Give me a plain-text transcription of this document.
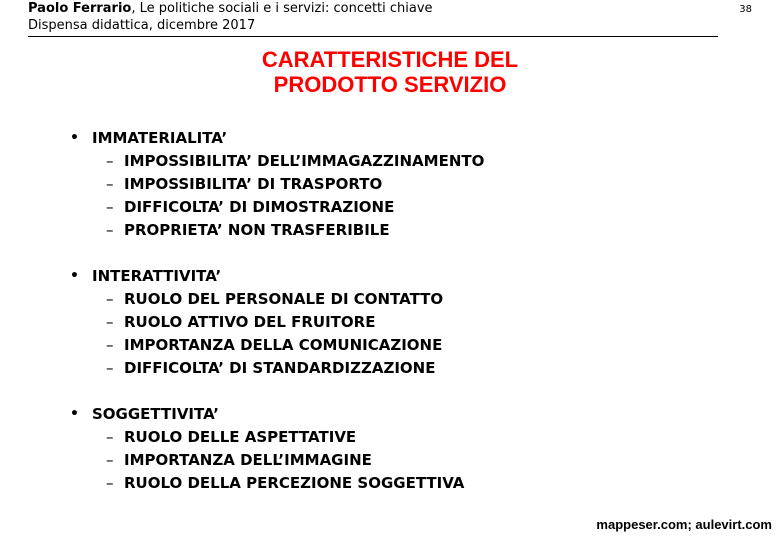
Paolo Ferrario, Le politiche sociali e i servizi: concetti chiave
Dispensa didattica, dicembre 2017
38
CARATTERISTICHE DEL
PRODOTTO SERVIZIO
• IMMATERIALITA’
– IMPOSSIBILITA’ DELL’IMMAGAZZINAMENTO
– IMPOSSIBILITA’ DI TRASPORTO
– DIFFICOLTA’ DI DIMOSTRAZIONE
– PROPRIETA’ NON TRASFERIBILE
• INTERATTIVITA’
– RUOLO DEL PERSONALE DI CONTATTO
– RUOLO ATTIVO DEL FRUITORE
– IMPORTANZA DELLA COMUNICAZIONE
– DIFFICOLTA’ DI STANDARDIZZAZIONE
• SOGGETTIVITA’
– RUOLO DELLE ASPETTATIVE
– IMPORTANZA DELL’IMMAGINE
– RUOLO DELLA PERCEZIONE SOGGETTIVA
mappeser.com; aulevirt.com
